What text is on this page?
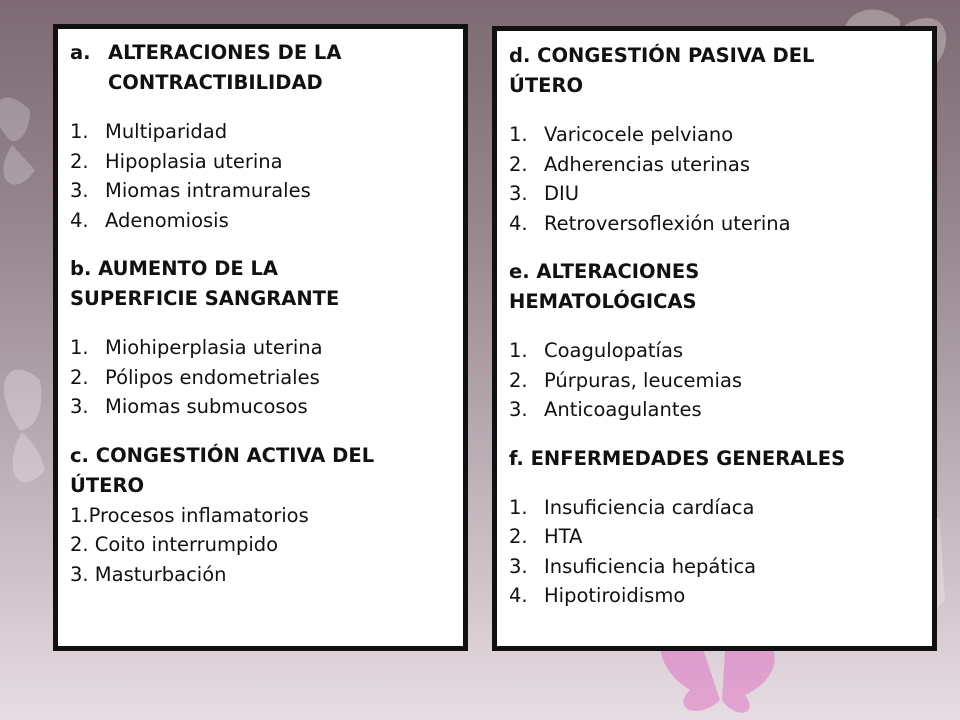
a. ALTERACIONES DE LA
CONTRACTIBILIDAD
1. Multiparidad
2. Hipoplasia uterina
3. Miomas intramurales
4. Adenomiosis
b. AUMENTO DE LA
SUPERFICIE SANGRANTE
1. Miohiperplasia uterina
2. Pólipos endometriales
3. Miomas submucosos
c. CONGESTIÓN ACTIVA DEL
ÚTERO
1.Procesos inflamatorios
2. Coito interrumpido
3. Masturbación
d. CONGESTIÓN PASIVA DEL
ÚTERO
1. Varicocele pelviano
2. Adherencias uterinas
3. DIU
4. Retroversoflexión uterina
e. ALTERACIONES
HEMATOLÓGICAS
1. Coagulopatías
2. Púrpuras, leucemias
3. Anticoagulantes
f. ENFERMEDADES GENERALES
1. Insuficiencia cardíaca
2. HTA
3. Insuficiencia hepática
4. Hipotiroidismo
